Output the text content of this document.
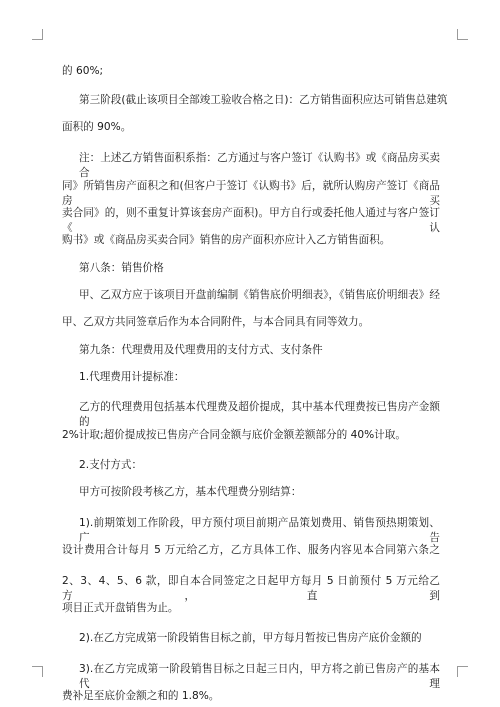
的 60%;
第三阶段(截止该项目全部竣工验收合格之日)：乙方销售面积应达可销售总建筑
面积的 90%。
注：上述乙方销售面积系指：乙方通过与客户签订《认购书》或《商品房买卖合
同》所销售房产面积之和(但客户于签订《认购书》后，就所认购房产签订《商品房买
卖合同》的，则不重复计算该套房产面积)。甲方自行或委托他人通过与客户签订《认
购书》或《商品房买卖合同》销售的房产面积亦应计入乙方销售面积。
第八条：销售价格
甲、乙双方应于该项目开盘前编制《销售底价明细表》，《销售底价明细表》经
甲、乙双方共同签章后作为本合同附件，与本合同具有同等效力。
第九条：代理费用及代理费用的支付方式、支付条件
1.代理费用计提标准：
乙方的代理费用包括基本代理费及超价提成，其中基本代理费按已售房产金额的
2%计取;超价提成按已售房产合同金额与底价金额差额部分的 40%计取。
2.支付方式：
甲方可按阶段考核乙方，基本代理费分别结算：
1).前期策划工作阶段，甲方预付项目前期产品策划费用、销售预热期策划、广告
设计费用合计每月 5 万元给乙方，乙方具体工作、服务内容见本合同第六条之
2、3、4、5、6 款，即自本合同签定之日起甲方每月 5 日前预付 5 万元给乙方，直到
项目正式开盘销售为止。
2).在乙方完成第一阶段销售目标之前，甲方每月暂按已售房产底价金额的
3).在乙方完成第一阶段销售目标之日起三日内，甲方将之前已售房产的基本代理
费补足至底价金额之和的 1.8%。
